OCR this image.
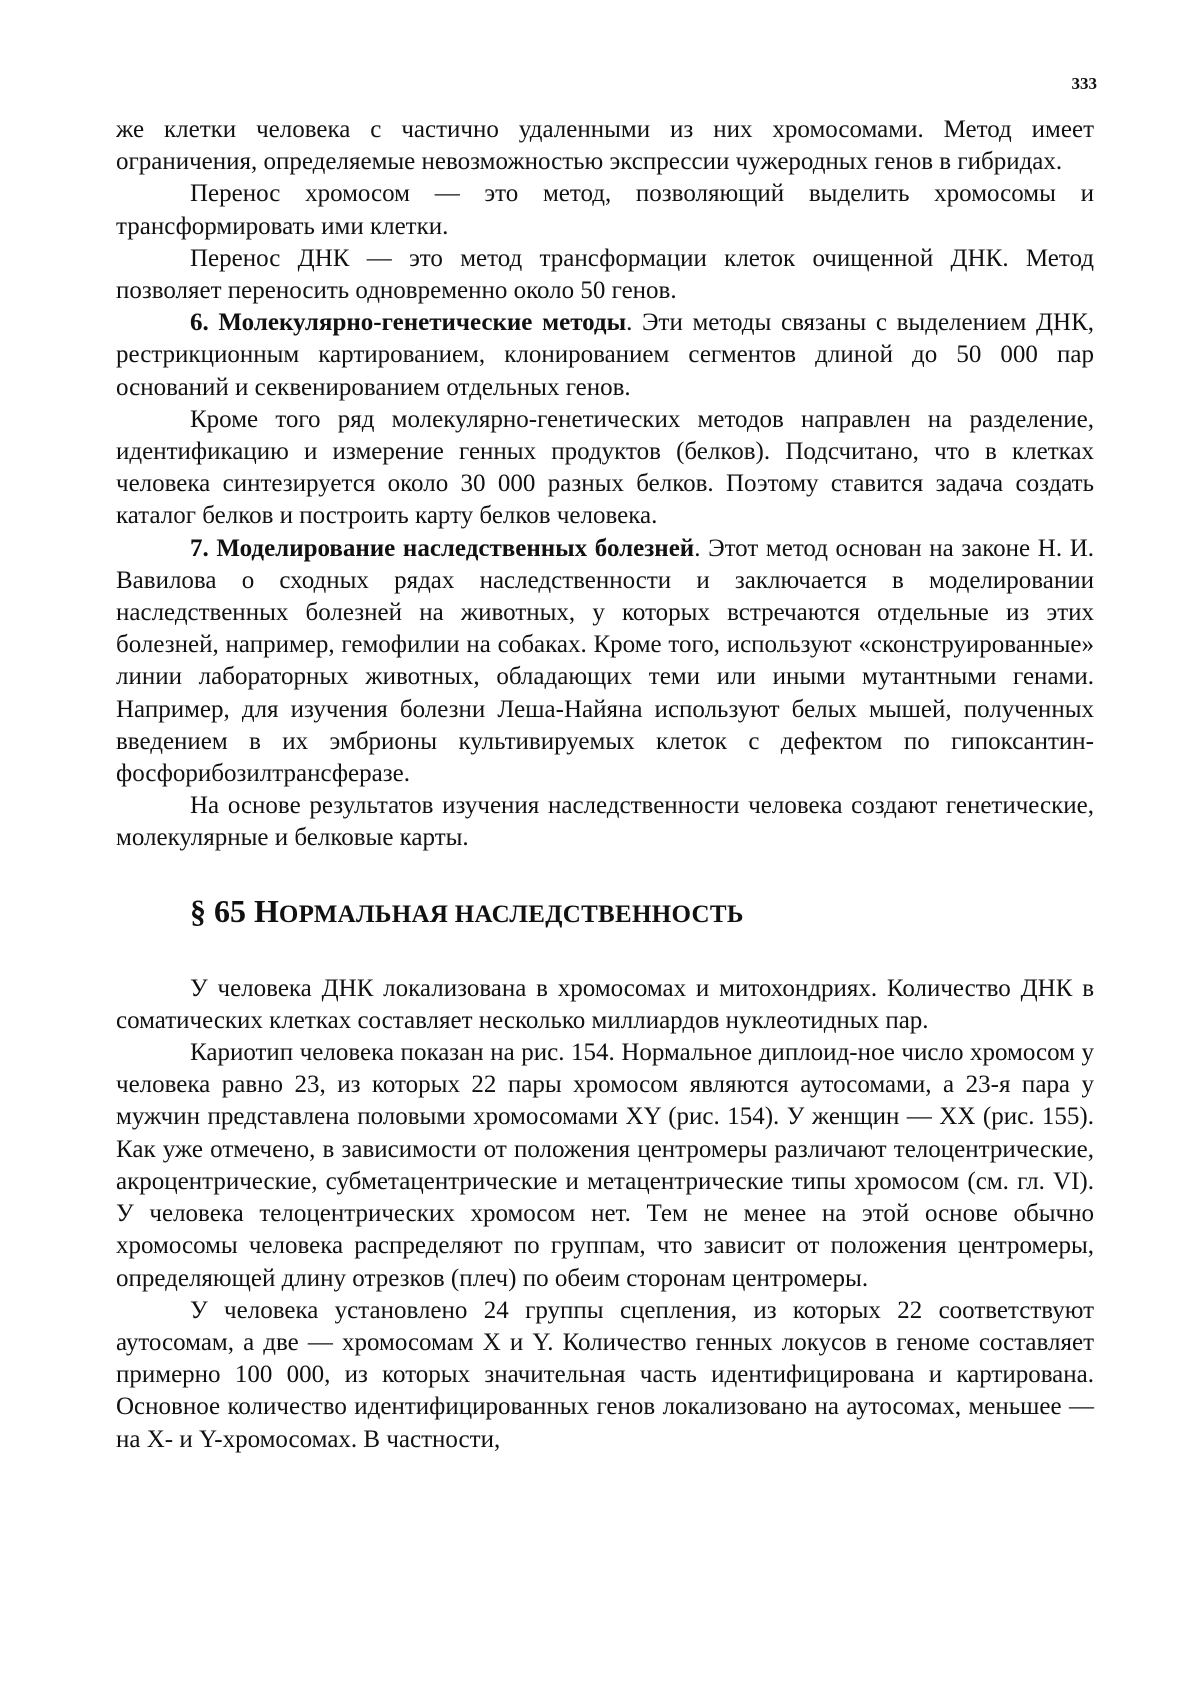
333

же клетки человека с частично удаленными из них хромосомами. Метод имеет ограничения, определяемые невозможностью экспрессии чужеродных генов в гибридах.

Перенос хромосом — это метод, позволяющий выделить хромосомы и трансформировать ими клетки.

Перенос ДНК — это метод трансформации клеток очищенной ДНК. Метод позволяет переносить одновременно около 50 генов.

6. Молекулярно-генетические методы. Эти методы связаны с выделением ДНК, рестрикционным картированием, клонированием сегментов длиной до 50 000 пар оснований и секвенированием отдельных генов.

Кроме того ряд молекулярно-генетических методов направлен на разделение, идентификацию и измерение генных продуктов (белков). Подсчитано, что в клетках человека синтезируется около 30 000 разных белков. Поэтому ставится задача создать каталог белков и построить карту белков человека.

7. Моделирование наследственных болезней. Этот метод основан на законе Н. И. Вавилова о сходных рядах наследственности и заключается в моделировании наследственных болезней на животных, у которых встречаются отдельные из этих болезней, например, гемофилии на собаках. Кроме того, используют «сконструированные» линии лабораторных животных, обладающих теми или иными мутантными генами. Например, для изучения болезни Леша-Найяна используют белых мышей, полученных введением в их эмбрионы культивируемых клеток с дефектом по гипоксантин-фосфорибозилтрансферазе.

На основе результатов изучения наследственности человека создают генетические, молекулярные и белковые карты.

§ 65 НОРМАЛЬНАЯ НАСЛЕДСТВЕННОСТЬ

У человека ДНК локализована в хромосомах и митохондриях. Количество ДНК в соматических клетках составляет несколько миллиардов нуклеотидных пар.

Кариотип человека показан на рис. 154. Нормальное диплоид-ное число хромосом у человека равно 23, из которых 22 пары хромосом являются аутосомами, а 23-я пара у мужчин представлена половыми хромосомами XY (рис. 154). У женщин — XX (рис. 155). Как уже отмечено, в зависимости от положения центромеры различают телоцентрические, акроцентрические, субметацентрические и метацентрические типы хромосом (см. гл. VI). У человека телоцентрических хромосом нет. Тем не менее на этой основе обычно хромосомы человека распределяют по группам, что зависит от положения центромеры, определяющей длину отрезков (плеч) по обеим сторонам центромеры.

У человека установлено 24 группы сцепления, из которых 22 соответствуют аутосомам, а две — хромосомам X и Y. Количество генных локусов в геноме составляет примерно 100 000, из которых значительная часть идентифицирована и картирована. Основное количество идентифицированных генов локализовано на аутосомах, меньшее — на X- и Y-хромосомах. В частности,
